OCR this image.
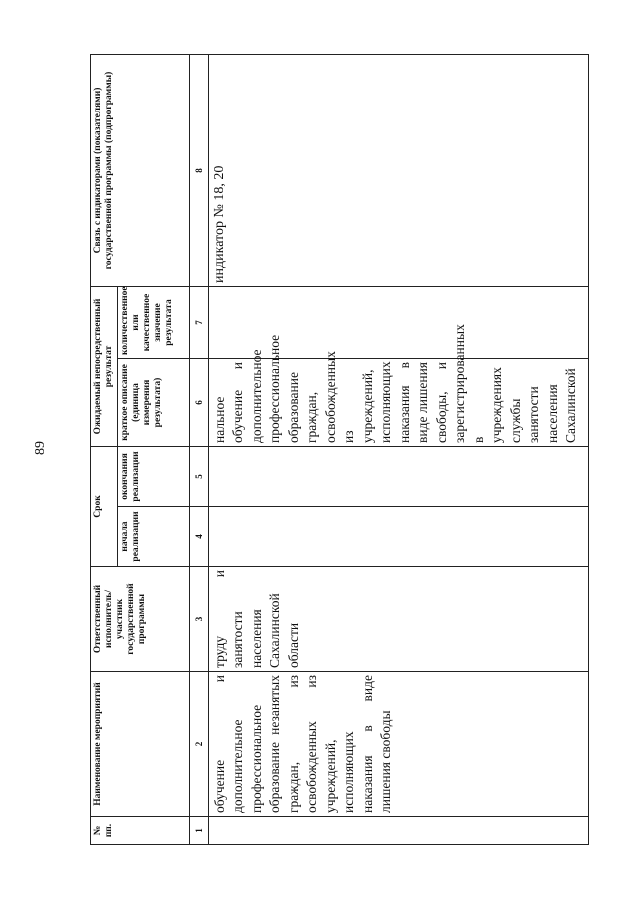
89
№ пп.	Наименование мероприятий	Ответственный исполнитель/ участник государственной программы	Срок		Ожидаемый непосредственный результат		Связь с индикаторами (показателями) государственной программы (подпрограммы)
			начала реализации	окончания реализации	краткое описание (единица измерения результата)	количественное или качественное значение результата	
1	2	3	4	5	6	7	8
	обучение и дополнительное профессиональное образование незанятых граждан, из освобожденных из учреждений, исполняющих наказания в виде лишения свободы	труду и занятости населения Сахалинской области			нальное обучение и дополнительное профессиональное образование граждан, освобожденных из учреждений, исполняющих наказания в виде лишения свободы, и зарегистрированных в учреждениях службы занятости населения Сахалинской		индикатор № 18, 20
